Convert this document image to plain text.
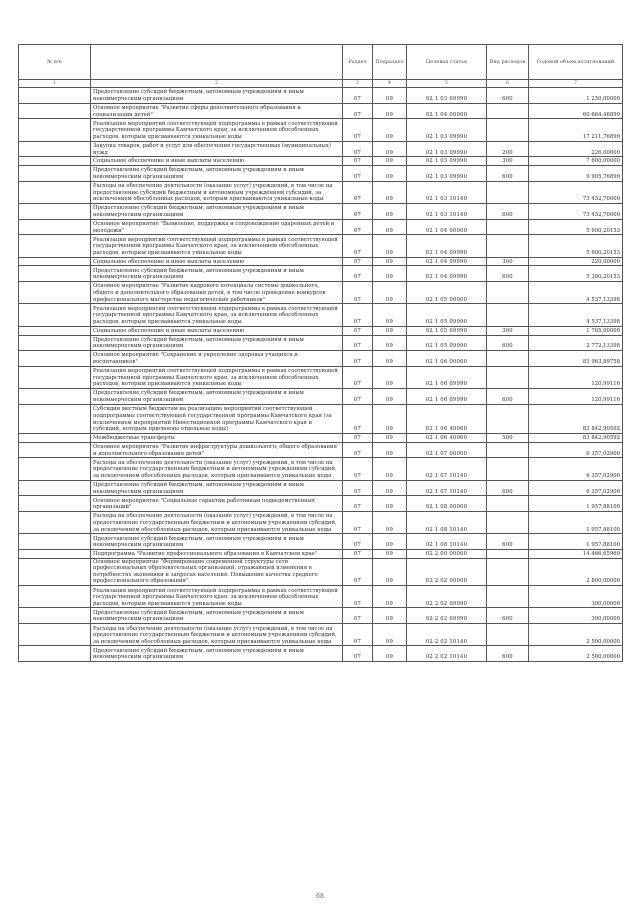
№ п/п		Раздел	Подраздел	Целевая статья	Вид расходов	Годовой объем ассигнований
1	2	3	4	5	6	7
	Предоставление субсидий бюджетным, автономным учреждениям и иным некоммерческим организациям	07	09	02 1 03 09990	600	1 250,00000
	Основное мероприятие "Развитие сферы дополнительного образования и социализации детей"	07	09	02 1 04 00000		60 664,46899
	Реализация мероприятий соответствующей подпрограммы в рамках соответствующей государственной программы Камчатского края, за исключением обособленных расходов, которым присваиваются уникальные коды	07	09	02 1 03 09990		17 211,76899
	Закупка товаров, работ и услуг для обеспечения государственных (муниципальных) нужд	07	09	02 1 03 09990	200	226,00000
	Социальное обеспечение и иные выплаты населению	07	09	02 1 03 09990	300	7 600,00000
	Предоставление субсидий бюджетным, автономным учреждениям и иным некоммерческим организациям	07	09	02 1 03 09990	600	9 905,76899
	Расходы на обеспечение деятельности (оказание услуг) учреждений, в том числе на предоставление субсидий бюджетным и автономным учреждениям субсидий, за исключением обособленных расходов, которым присваиваются уникальные коды	07	09	02 1 03 10140		73 452,70000
	Предоставление субсидий бюджетным, автономным учреждениям и иным некоммерческим организациям	07	09	02 1 03 10140	600	73 452,70000
	Основное мероприятие "Выявление, поддержка и сопровождение одаренных детей и молодежи"	07	09	02 1 04 00000		5 600,20153
	Реализация мероприятий соответствующей подпрограммы в рамках соответствующей государственной программы Камчатского края, за исключением обособленных расходов, которым присваиваются уникальные коды	07	09	02 1 04 09990		5 600,20153
	Социальное обеспечение и иные выплаты населению	07	09	02 1 04 09990	300	220,00000
	Предоставление субсидий бюджетным, автономным учреждениям и иным некоммерческим организациям	07	09	02 1 04 09990	600	5 380,20153
	Основное мероприятие "Развитие кадрового потенциала системы дошкольного, общего и дополнительного образования детей, в том числе проведение конкурсов профессионального мастерства педагогических работников"	07	09	02 1 05 00000		4 537,13398
	Реализация мероприятий соответствующей подпрограммы в рамках соответствующей государственной программы Камчатского края, за исключением обособленных расходов, которым присваиваются уникальные коды	07	09	02 1 05 09990		4 537,13398
	Социальное обеспечение и иные выплаты населению	07	09	02 1 05 09990	300	1 765,00000
	Предоставление субсидий бюджетным, автономным учреждениям и иным некоммерческим организациям	07	09	02 1 05 09990	600	2 772,13398
	Основное мероприятие "Сохранение и укрепление здоровья учащихся и воспитанников"	07	09	02 1 06 00000		83 963,89758
	Реализация мероприятий соответствующей подпрограммы в рамках соответствующей государственной программы Камчатского края, за исключением обособленных расходов, которым присваиваются уникальные коды	07	09	02 1 06 09990		120,99116
	Предоставление субсидий бюджетным, автономным учреждениям и иным некоммерческим организациям	07	09	02 1 06 09990	600	120,99116
	Субсидии местным бюджетам на реализацию мероприятий соответствующей подпрограммы соответствующей государственной программы Камчатского края (за исключением мероприятий Инвестиционной программы Камчатского края и субсидий, которым присвоены отдельные коды)	07	09	02 1 06 40060		83 842,90592
	Межбюджетные трансферты	07	09	02 1 06 40060	500	83 842,90592
	Основное мероприятие "Развитие инфраструктуры дошкольного, общего образования и дополнительного образования детей"	07	09	02 1 07 00000		6 357,02900
	Расходы на обеспечение деятельности (оказание услуг) учреждений, в том числе на предоставление государственным бюджетным и автономным учреждениям субсидий, за исключением обособленных расходов, которым присваиваются уникальные коды	07	09	02 1 07 10140		6 357,02900
	Предоставление субсидий бюджетным, автономным учреждениям и иным некоммерческим организациям	07	09	02 1 07 10140	600	6 357,02900
	Основное мероприятие "Социальные гарантии работникам подведомственных организаций"	07	09	02 1 08 00000		1 957,88100
	Расходы на обеспечение деятельности (оказание услуг) учреждений, в том числе на предоставление государственным бюджетным и автономным учреждениям субсидий, за исключением обособленных расходов, которым присваиваются уникальные коды	07	09	02 1 08 10140		1 957,88100
	Предоставление субсидий бюджетным, автономным учреждениям и иным некоммерческим организациям	07	09	02 1 08 10140	600	1 957,88100
	Подпрограмма "Развитие профессионального образования в Камчатском крае"	07	09	02 2 00 00000		14 466,65969
	Основное мероприятие "Формирование современной структуры сети профессиональных образовательных организаций, отражающей изменения в потребностях экономики и запросах населения. Повышение качества среднего профессионального образования"	07	09	02 2 02 00000		2 800,00000
	Реализация мероприятий соответствующей подпрограммы в рамках соответствующей государственной программы Камчатского края, за исключением обособленных расходов, которым присваиваются уникальные коды	07	09	02 2 02 09990		300,00000
	Предоставление субсидий бюджетным, автономным учреждениям и иным некоммерческим организациям	07	09	02 2 02 09990	600	300,00000
	Расходы на обеспечение деятельности (оказание услуг) учреждений, в том числе на предоставление государственным бюджетным и автономным учреждениям субсидий, за исключением обособленных расходов, которым присваиваются уникальные коды	07	09	02 2 02 10140		2 500,00000
	Предоставление субсидий бюджетным, автономным учреждениям и иным некоммерческим организациям	07	09	02 2 02 10140	600	2 500,00000
68
